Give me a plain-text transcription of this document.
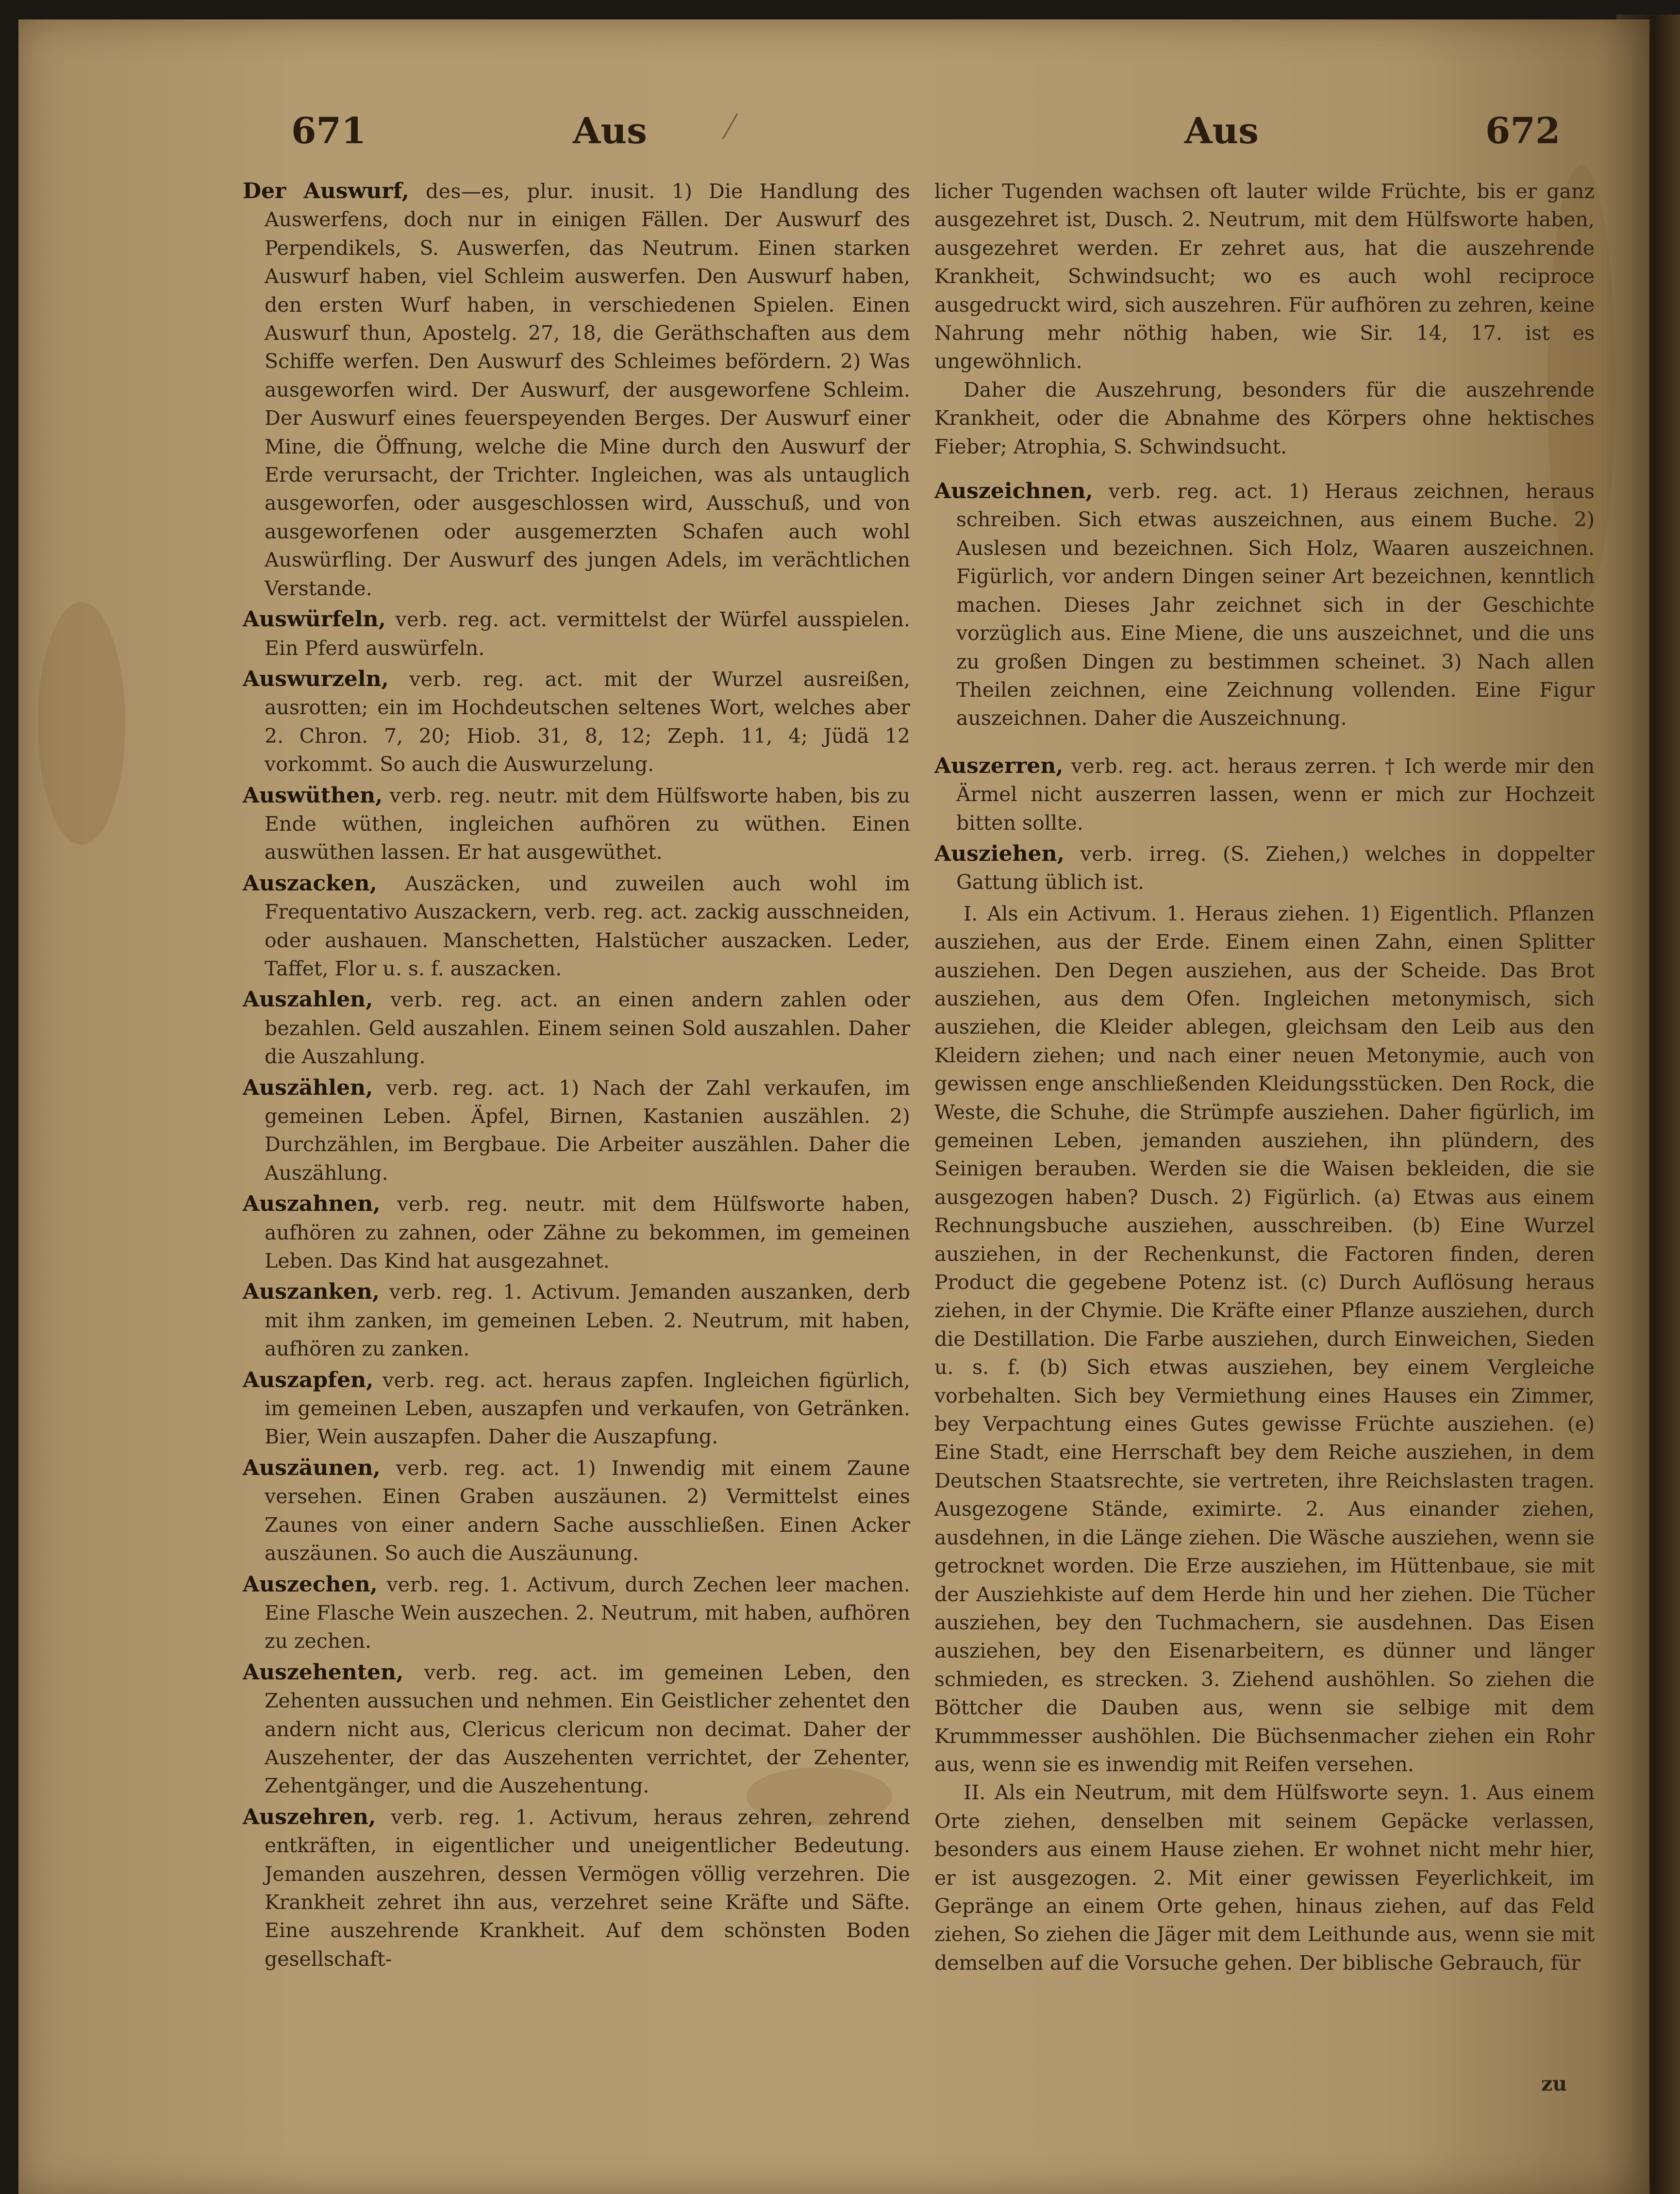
671	Aus	Aus	672

Der Auswurf, des—es, plur. inusit. 1) Die Handlung des Auswerfens, doch nur in einigen Fällen. Der Auswurf des Perpendikels, S. Auswerfen, das Neutrum. Einen starken Auswurf haben, viel Schleim auswerfen. Den Auswurf haben, den ersten Wurf haben, in verschiedenen Spielen. Einen Auswurf thun, Apostelg. 27, 18, die Geräthschaften aus dem Schiffe werfen. Den Auswurf des Schleimes befördern. 2) Was ausgeworfen wird. Der Auswurf, der ausgeworfene Schleim. Der Auswurf eines feuerspeyenden Berges. Der Auswurf einer Mine, die Öffnung, welche die Mine durch den Auswurf der Erde verursacht, der Trichter. Ingleichen, was als untauglich ausgeworfen, oder ausgeschlossen wird, Ausschuß, und von ausgeworfenen oder ausgemerzten Schafen auch wohl Auswürfling. Der Auswurf des jungen Adels, im verächtlichen Verstande.

Auswürfeln, verb. reg. act. vermittelst der Würfel ausspielen. Ein Pferd auswürfeln.

Auswurzeln, verb. reg. act. mit der Wurzel ausreißen, ausrotten; ein im Hochdeutschen seltenes Wort, welches aber 2. Chron. 7, 20; Hiob. 31, 8, 12; Zeph. 11, 4; Jüdä 12 vorkommt. So auch die Auswurzelung.

Auswüthen, verb. reg. neutr. mit dem Hülfsworte haben, bis zu Ende wüthen, ingleichen aufhören zu wüthen. Einen auswüthen lassen. Er hat ausgewüthet.

Auszacken, Auszäcken, und zuweilen auch wohl im Frequentativo Auszackern, verb. reg. act. zackig ausschneiden, oder aushauen. Manschetten, Halstücher auszacken. Leder, Taffet, Flor u. s. f. auszacken.

Auszahlen, verb. reg. act. an einen andern zahlen oder bezahlen. Geld auszahlen. Einem seinen Sold auszahlen. Daher die Auszahlung.

Auszählen, verb. reg. act. 1) Nach der Zahl verkaufen, im gemeinen Leben. Äpfel, Birnen, Kastanien auszählen. 2) Durchzählen, im Bergbaue. Die Arbeiter auszählen. Daher die Auszählung.

Auszahnen, verb. reg. neutr. mit dem Hülfsworte haben, aufhören zu zahnen, oder Zähne zu bekommen, im gemeinen Leben. Das Kind hat ausgezahnet.

Auszanken, verb. reg. 1. Activum. Jemanden auszanken, derb mit ihm zanken, im gemeinen Leben. 2. Neutrum, mit haben, aufhören zu zanken.

Auszapfen, verb. reg. act. heraus zapfen. Ingleichen figürlich, im gemeinen Leben, auszapfen und verkaufen, von Getränken. Bier, Wein auszapfen. Daher die Auszapfung.

Auszäunen, verb. reg. act. 1) Inwendig mit einem Zaune versehen. Einen Graben auszäunen. 2) Vermittelst eines Zaunes von einer andern Sache ausschließen. Einen Acker auszäunen. So auch die Auszäunung.

Auszechen, verb. reg. 1. Activum, durch Zechen leer machen. Eine Flasche Wein auszechen. 2. Neutrum, mit haben, aufhören zu zechen.

Auszehenten, verb. reg. act. im gemeinen Leben, den Zehenten aussuchen und nehmen. Ein Geistlicher zehentet den andern nicht aus, Clericus clericum non decimat. Daher der Auszehenter, der das Auszehenten verrichtet, der Zehenter, Zehentgänger, und die Auszehentung.

Auszehren, verb. reg. 1. Activum, heraus zehren, zehrend entkräften, in eigentlicher und uneigentlicher Bedeutung. Jemanden auszehren, dessen Vermögen völlig verzehren. Die Krankheit zehret ihn aus, verzehret seine Kräfte und Säfte. Eine auszehrende Krankheit. Auf dem schönsten Boden gesellschaft-

licher Tugenden wachsen oft lauter wilde Früchte, bis er ganz ausgezehret ist, Dusch. 2. Neutrum, mit dem Hülfsworte haben, ausgezehret werden. Er zehret aus, hat die auszehrende Krankheit, Schwindsucht; wo es auch wohl reciproce ausgedruckt wird, sich auszehren. Für aufhören zu zehren, keine Nahrung mehr nöthig haben, wie Sir. 14, 17. ist es ungewöhnlich.

Daher die Auszehrung, besonders für die auszehrende Krankheit, oder die Abnahme des Körpers ohne hektisches Fieber; Atrophia, S. Schwindsucht.

Auszeichnen, verb. reg. act. 1) Heraus zeichnen, heraus schreiben. Sich etwas auszeichnen, aus einem Buche. 2) Auslesen und bezeichnen. Sich Holz, Waaren auszeichnen. Figürlich, vor andern Dingen seiner Art bezeichnen, kenntlich machen. Dieses Jahr zeichnet sich in der Geschichte vorzüglich aus. Eine Miene, die uns auszeichnet, und die uns zu großen Dingen zu bestimmen scheinet. 3) Nach allen Theilen zeichnen, eine Zeichnung vollenden. Eine Figur auszeichnen. Daher die Auszeichnung.

Auszerren, verb. reg. act. heraus zerren. † Ich werde mir den Ärmel nicht auszerren lassen, wenn er mich zur Hochzeit bitten sollte.

Ausziehen, verb. irreg. (S. Ziehen,) welches in doppelter Gattung üblich ist.

I. Als ein Activum. 1. Heraus ziehen. 1) Eigentlich. Pflanzen ausziehen, aus der Erde. Einem einen Zahn, einen Splitter ausziehen. Den Degen ausziehen, aus der Scheide. Das Brot ausziehen, aus dem Ofen. Ingleichen metonymisch, sich ausziehen, die Kleider ablegen, gleichsam den Leib aus den Kleidern ziehen; und nach einer neuen Metonymie, auch von gewissen enge anschließenden Kleidungsstücken. Den Rock, die Weste, die Schuhe, die Strümpfe ausziehen. Daher figürlich, im gemeinen Leben, jemanden ausziehen, ihn plündern, des Seinigen berauben. Werden sie die Waisen bekleiden, die sie ausgezogen haben? Dusch. 2) Figürlich. (a) Etwas aus einem Rechnungsbuche ausziehen, ausschreiben. (b) Eine Wurzel ausziehen, in der Rechenkunst, die Factoren finden, deren Product die gegebene Potenz ist. (c) Durch Auflösung heraus ziehen, in der Chymie. Die Kräfte einer Pflanze ausziehen, durch die Destillation. Die Farbe ausziehen, durch Einweichen, Sieden u. s. f. (b) Sich etwas ausziehen, bey einem Vergleiche vorbehalten. Sich bey Vermiethung eines Hauses ein Zimmer, bey Verpachtung eines Gutes gewisse Früchte ausziehen. (e) Eine Stadt, eine Herrschaft bey dem Reiche ausziehen, in dem Deutschen Staatsrechte, sie vertreten, ihre Reichslasten tragen. Ausgezogene Stände, eximirte. 2. Aus einander ziehen, ausdehnen, in die Länge ziehen. Die Wäsche ausziehen, wenn sie getrocknet worden. Die Erze ausziehen, im Hüttenbaue, sie mit der Ausziehkiste auf dem Herde hin und her ziehen. Die Tücher ausziehen, bey den Tuchmachern, sie ausdehnen. Das Eisen ausziehen, bey den Eisenarbeitern, es dünner und länger schmieden, es strecken. 3. Ziehend aushöhlen. So ziehen die Böttcher die Dauben aus, wenn sie selbige mit dem Krummmesser aushöhlen. Die Büchsenmacher ziehen ein Rohr aus, wenn sie es inwendig mit Reifen versehen.

II. Als ein Neutrum, mit dem Hülfsworte seyn. 1. Aus einem Orte ziehen, denselben mit seinem Gepäcke verlassen, besonders aus einem Hause ziehen. Er wohnet nicht mehr hier, er ist ausgezogen. 2. Mit einer gewissen Feyerlichkeit, im Gepränge an einem Orte gehen, hinaus ziehen, auf das Feld ziehen, So ziehen die Jäger mit dem Leithunde aus, wenn sie mit demselben auf die Vorsuche gehen. Der biblische Gebrauch, für

zu
